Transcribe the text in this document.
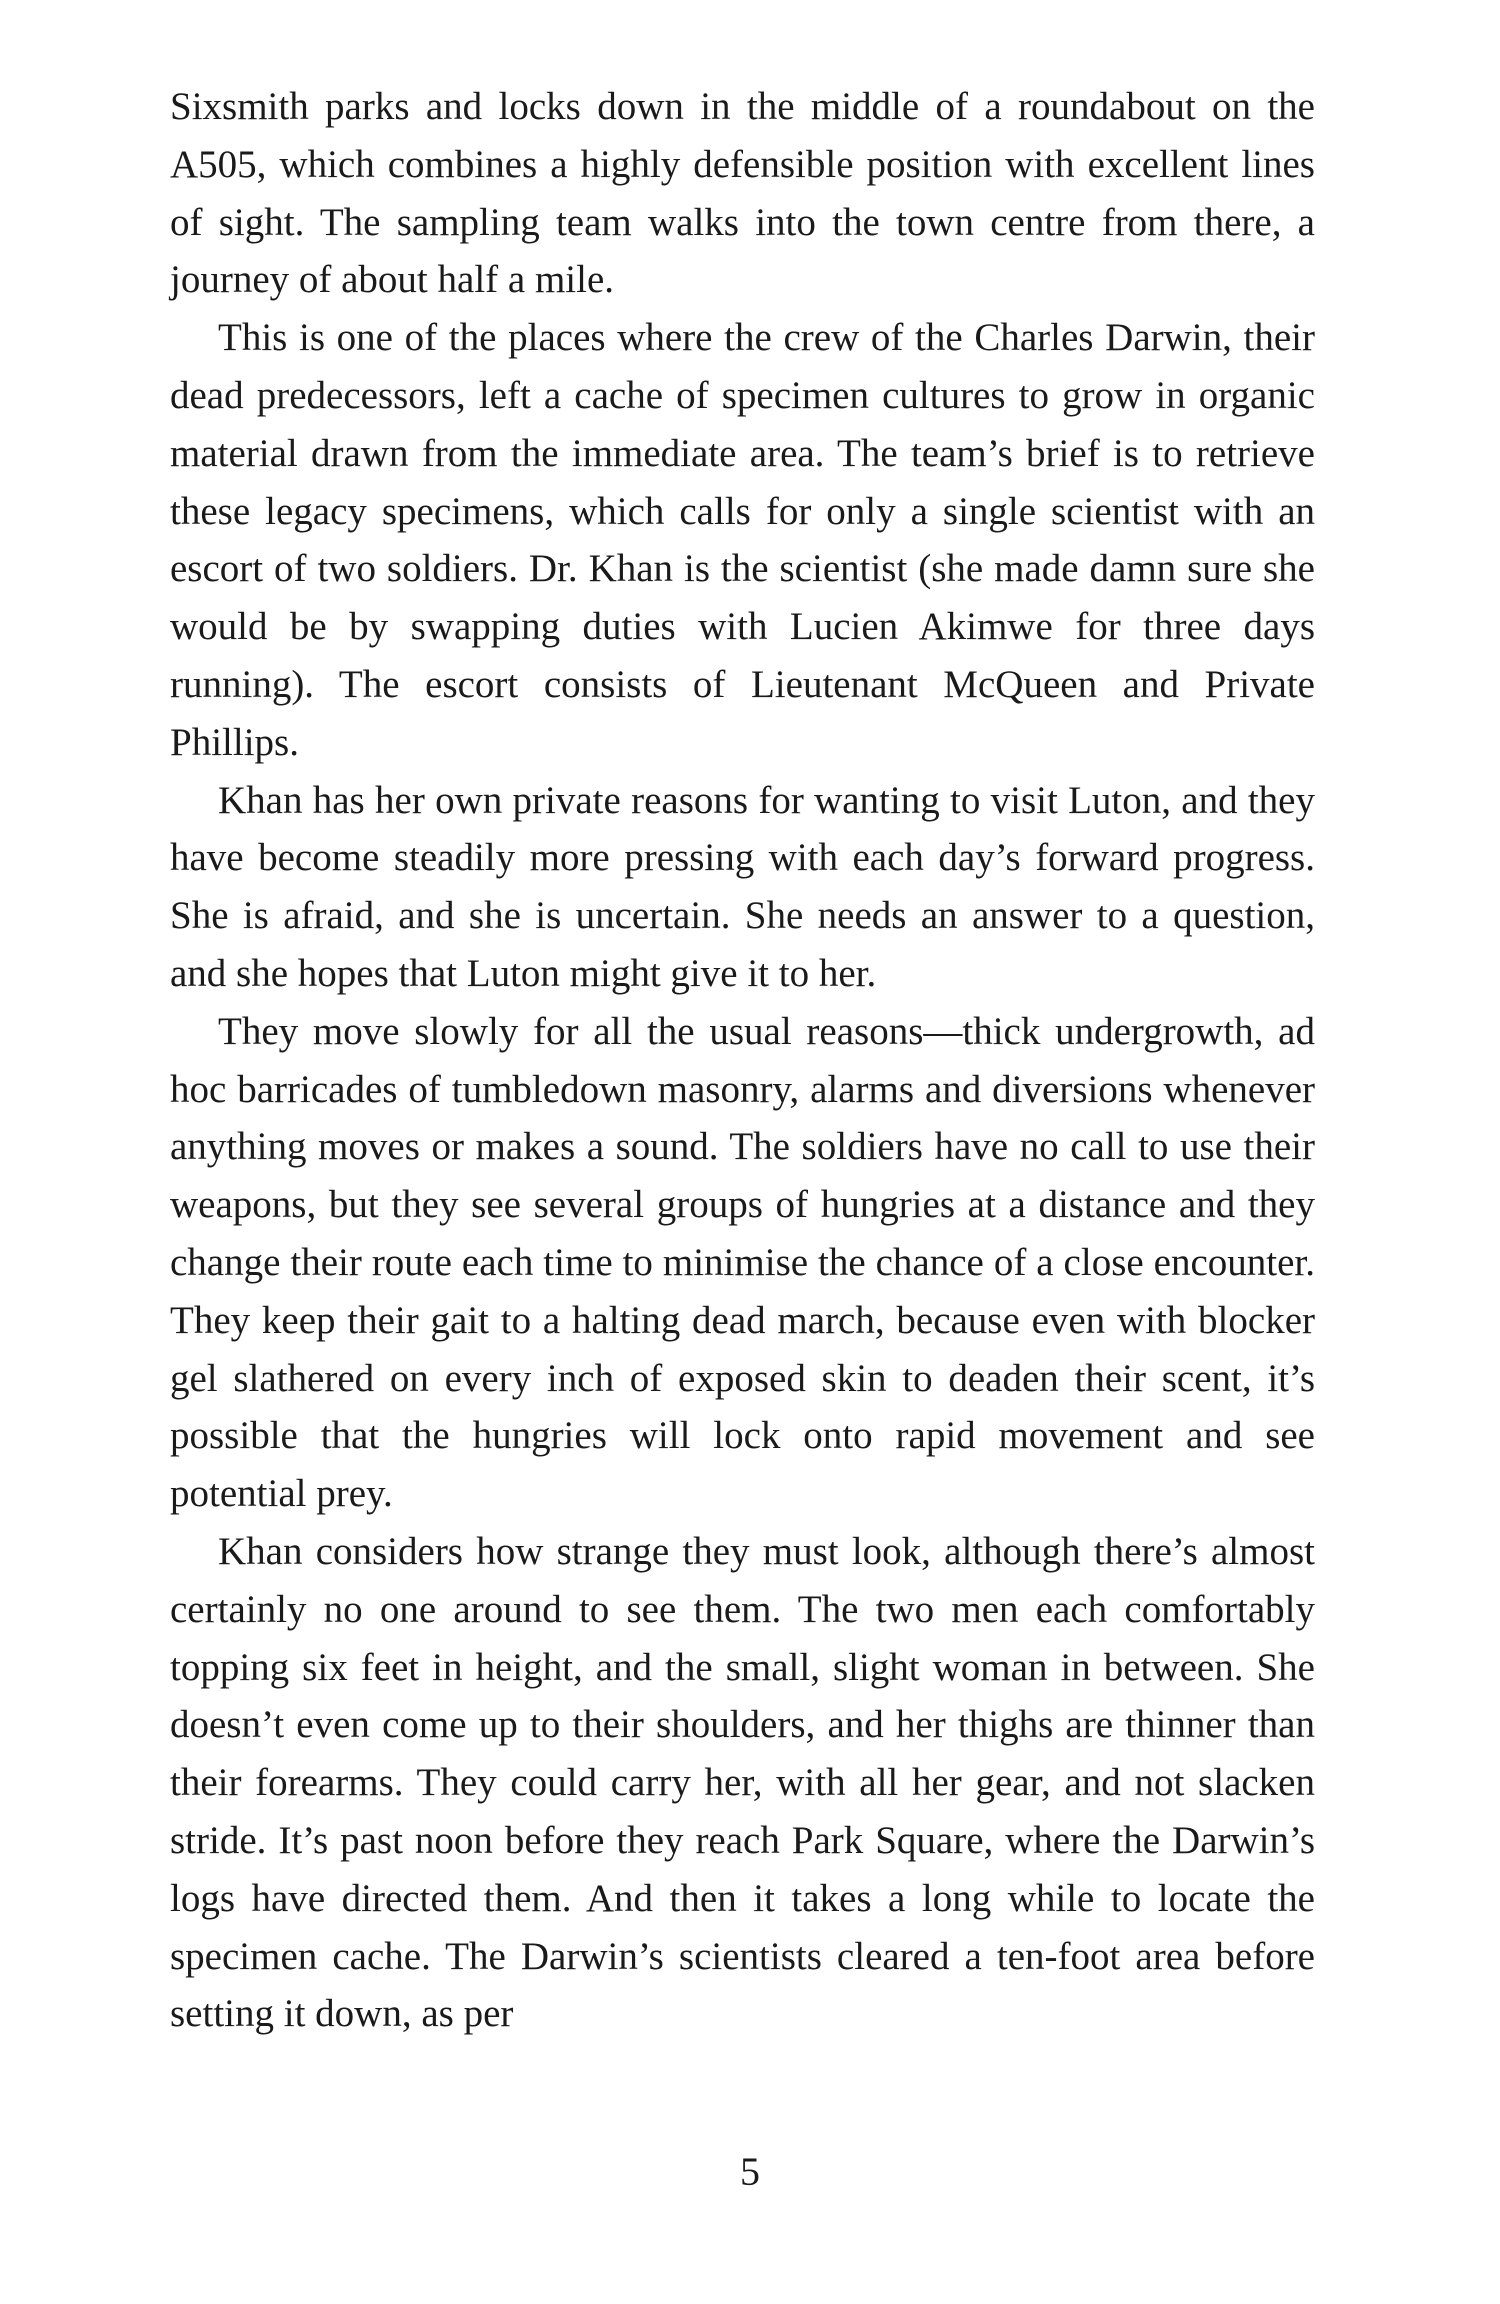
Sixsmith parks and locks down in the middle of a roundabout on the A505, which combines a highly defensible position with excellent lines of sight. The sampling team walks into the town centre from there, a journey of about half a mile.

This is one of the places where the crew of the Charles Darwin, their dead predecessors, left a cache of specimen cultures to grow in organic material drawn from the immediate area. The team’s brief is to retrieve these legacy specimens, which calls for only a single scientist with an escort of two soldiers. Dr. Khan is the scientist (she made damn sure she would be by swapping duties with Lucien Akimwe for three days running). The escort consists of Lieutenant McQueen and Private Phillips.

Khan has her own private reasons for wanting to visit Luton, and they have become steadily more pressing with each day’s forward progress. She is afraid, and she is uncertain. She needs an answer to a question, and she hopes that Luton might give it to her.

They move slowly for all the usual reasons—thick undergrowth, ad hoc barricades of tumbledown masonry, alarms and diversions whenever anything moves or makes a sound. The soldiers have no call to use their weapons, but they see several groups of hungries at a distance and they change their route each time to minimise the chance of a close encounter. They keep their gait to a halting dead march, because even with blocker gel slathered on every inch of exposed skin to deaden their scent, it’s possible that the hungries will lock onto rapid movement and see potential prey.

Khan considers how strange they must look, although there’s almost certainly no one around to see them. The two men each comfortably topping six feet in height, and the small, slight woman in between. She doesn’t even come up to their shoulders, and her thighs are thinner than their forearms. They could carry her, with all her gear, and not slacken stride. It’s past noon before they reach Park Square, where the Darwin’s logs have directed them. And then it takes a long while to locate the specimen cache. The Darwin’s scientists cleared a ten-foot area before setting it down, as per

5
